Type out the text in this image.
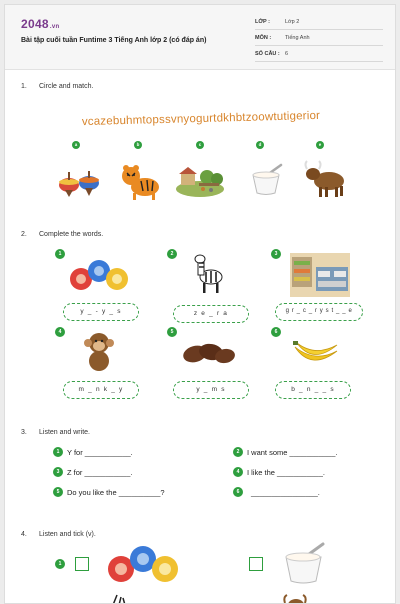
2048.vn
Bài tập cuối tuần Funtime 3 Tiếng Anh lớp 2 (có đáp án)
LỚP :	Lớp 2
MÔN :	Tiếng Anh
SỐ CÂU : 6
1. Circle and match.
vcazebuhmtopssvnyogurtdkhbtzoowtutigerior
a	b	c	d	e
2. Complete the words.
1	2	3
y _ - y _ s	z e _ r a	g r _ c _ r y s t _ _ e
4	5	6
m _ n k _ y	y _ m s	b _ n _ _ s
3. Listen and write.
1	Y for ___________.	2	I want some ___________.
3	Z for ___________.	4	I like the ___________.
5	Do you like the __________?	6	________________.
4. Listen and tick (v).
1
